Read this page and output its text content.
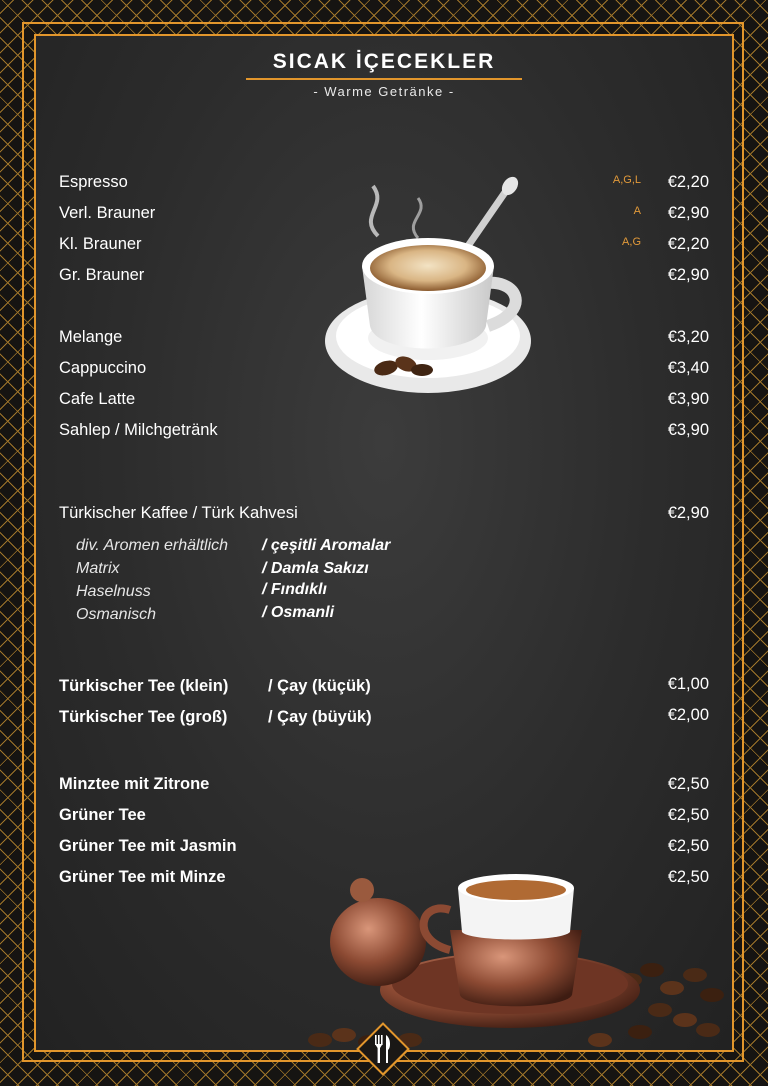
SICAK İÇECEKLER
- Warme Getränke -
Espresso	A,G,L €2,20
Verl. Brauner	A €2,90
Kl. Brauner	A,G €2,20
Gr. Brauner	€2,90
Melange	€3,20
Cappuccino	€3,40
Cafe Latte	€3,90
Sahlep / Milchgetränk	€3,90
Türkischer Kaffee / Türk Kahvesi	€2,90
div. Aromen erhältlich / çeşitli Aromalar
Matrix	/ Damla Sakızı
Haselnuss	/ Fındıklı
Osmanisch	/ Osmanli
Türkischer Tee (klein) / Çay (küçük)	€1,00
Türkischer Tee (groß) / Çay (büyük)	€2,00
Minztee mit Zitrone	€2,50
Grüner Tee	€2,50
Grüner Tee mit Jasmin	€2,50
Grüner Tee mit Minze	€2,50
